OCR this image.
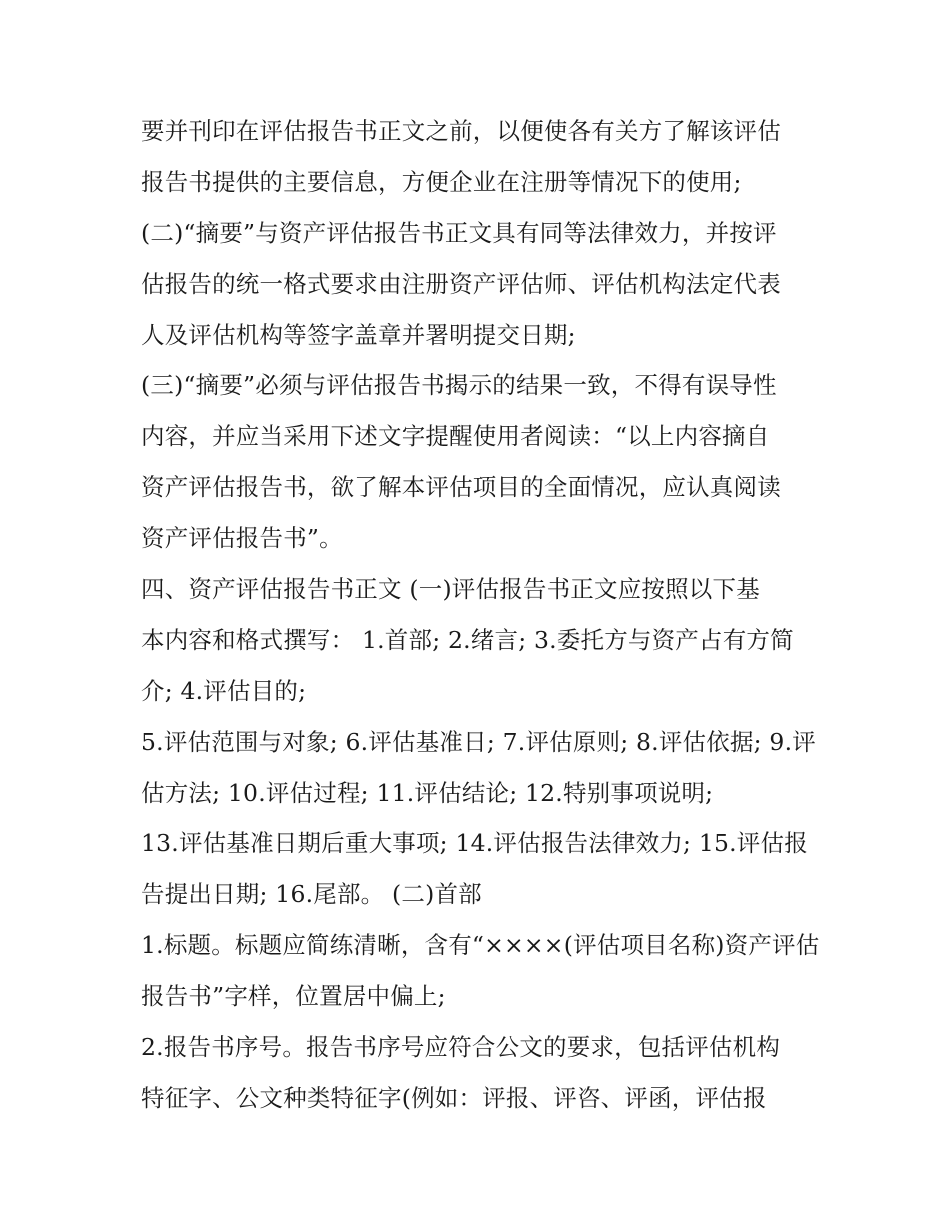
要并刊印在评估报告书正文之前，以便使各有关方了解该评估
报告书提供的主要信息，方便企业在注册等情况下的使用;
(二)“摘要”与资产评估报告书正文具有同等法律效力，并按评
估报告的统一格式要求由注册资产评估师、评估机构法定代表
人及评估机构等签字盖章并署明提交日期;
(三)“摘要”必须与评估报告书揭示的结果一致，不得有误导性
内容，并应当采用下述文字提醒使用者阅读：“以上内容摘自
资产评估报告书，欲了解本评估项目的全面情况，应认真阅读
资产评估报告书”。
四、资产评估报告书正文 (一)评估报告书正文应按照以下基
本内容和格式撰写： 1.首部; 2.绪言; 3.委托方与资产占有方简
介; 4.评估目的;
5.评估范围与对象; 6.评估基准日; 7.评估原则; 8.评估依据; 9.评
估方法; 10.评估过程; 11.评估结论; 12.特别事项说明;
13.评估基准日期后重大事项; 14.评估报告法律效力; 15.评估报
告提出日期; 16.尾部。 (二)首部
1.标题。标题应简练清晰，含有“××××(评估项目名称)资产评估
报告书”字样，位置居中偏上;
2.报告书序号。报告书序号应符合公文的要求，包括评估机构
特征字、公文种类特征字(例如：评报、评咨、评函，评估报
